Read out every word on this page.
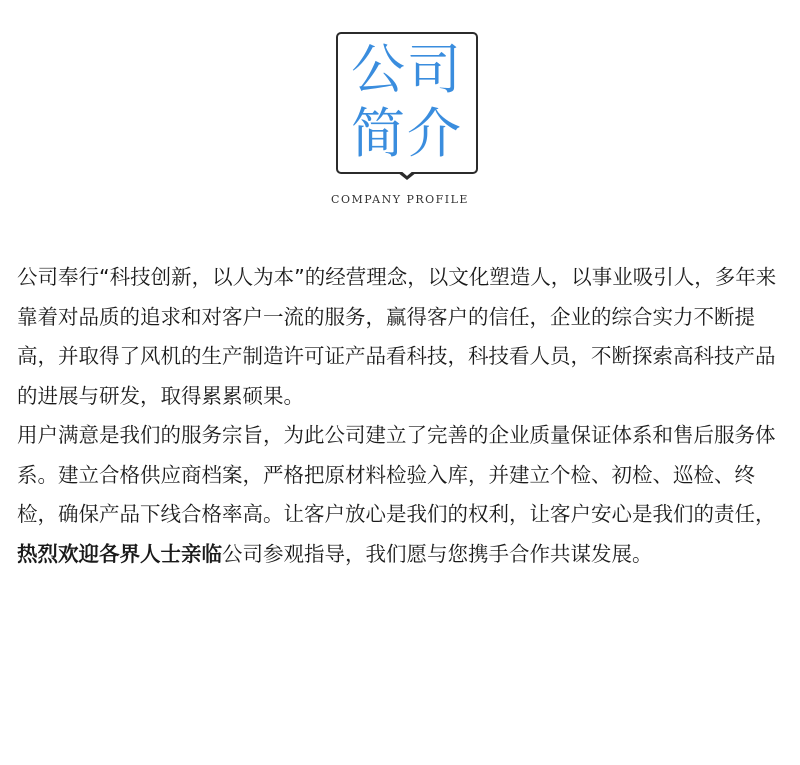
公司
简介
COMPANY PROFILE

公司奉行“科技创新，以人为本”的经营理念，以文化塑造人，以事业吸引人，多年来靠着对品质的追求和对客户一流的服务，赢得客户的信任，企业的综合实力不断提高，并取得了风机的生产制造许可证产品看科技，科技看人员，不断探索高科技产品的进展与研发，取得累累硕果。

用户满意是我们的服务宗旨，为此公司建立了完善的企业质量保证体系和售后服务体系。建立合格供应商档案，严格把原材料检验入库，并建立个检、初检、巡检、终检，确保产品下线合格率高。让客户放心是我们的权利，让客户安心是我们的责任，热烈欢迎各界人士亲临公司参观指导，我们愿与您携手合作共谋发展。
